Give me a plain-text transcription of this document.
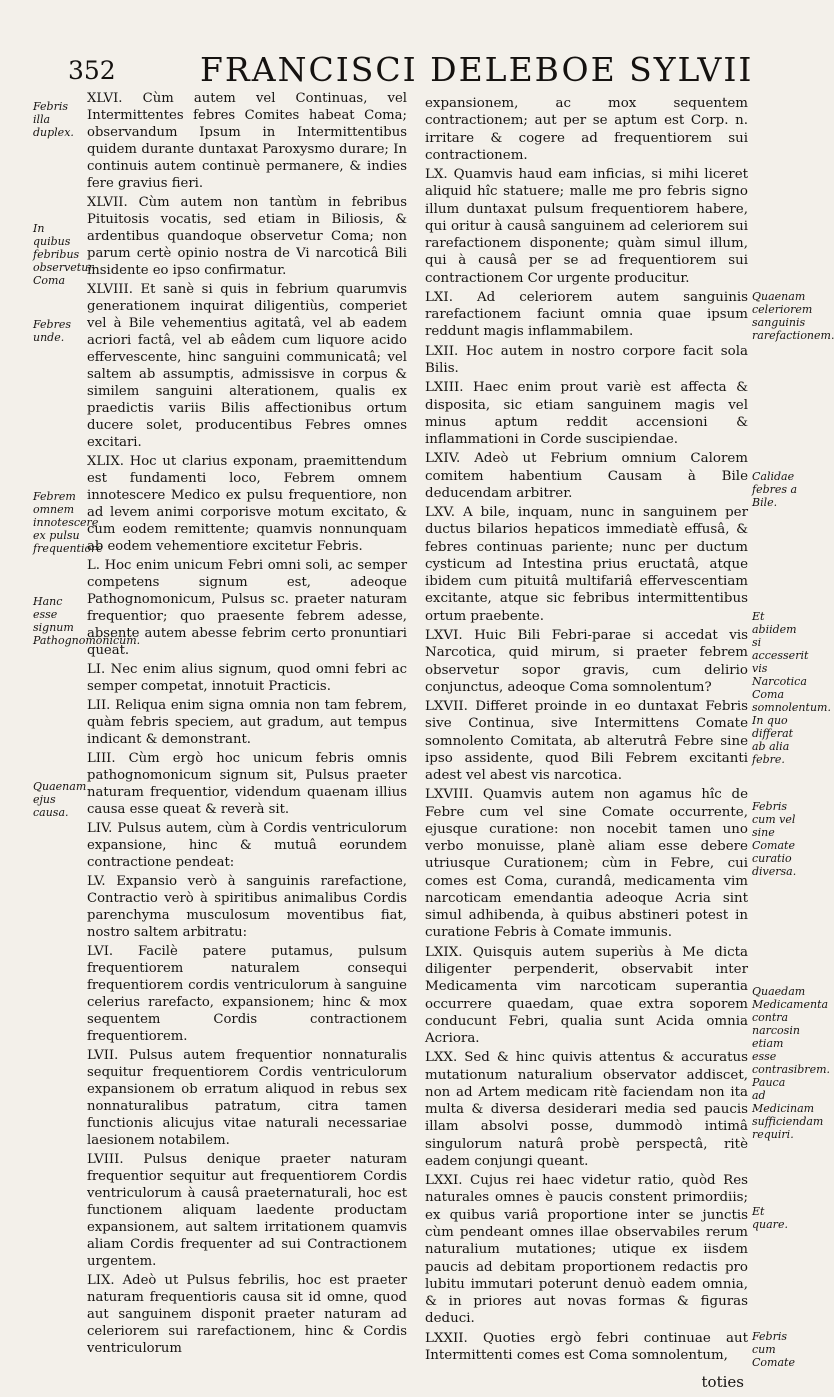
352	FRANCISCI DELEBOE SYLVII
Febris illa duplex.
In quibus febribus observetur Coma
Febres unde.
Febrem omnem innotescere ex pulsu frequentiore
Hanc esse signum Pathognomonicum.
Quaenam ejus causa.
Quaenam celeriorem sanguinis rarefactionem.
Calidae febres a Bile.
Et abiidem si accesserit vis Narcotica Coma somnolentum. In quo differat ab alia febre.
Febris cum vel sine Comate curatio diversa.
Quaedam Medicamenta contra narcosin etiam esse contrasibrem. Pauca ad Medicinam sufficiendam requiri.
Et quare.
Febris cum Comate

XLVI. Cùm autem vel Continuas, vel Intermittentes febres Comites habeat Coma; observandum Ipsum in Intermittentibus quidem durante duntaxat Paroxysmo durare; In continuis autem continuè permanere, & indies fere gravius fieri.

XLVII. Cùm autem non tantùm in febribus Pituitosis vocatis, sed etiam in Biliosis, & ardentibus quandoque observetur Coma; non parum certè opinio nostra de Vi narcoticâ Bili insidente eo ipso confirmatur.

XLVIII. Et sanè si quis in febrium quarumvis generationem inquirat diligentiùs, comperiet vel à Bile vehementius agitatâ, vel ab eadem acriori factâ, vel ab eâdem cum liquore acido effervescente, hinc sanguini communicatâ; vel saltem ab assumptis, admissisve in corpus & similem sanguini alterationem, qualis ex praedictis variis Bilis affectionibus ortum ducere solet, producentibus Febres omnes excitari.

XLIX. Hoc ut clarius exponam, praemittendum est fundamenti loco, Febrem omnem innotescere Medico ex pulsu frequentiore, non ad levem animi corporisve motum excitato, & cum eodem remittente; quamvis nonnunquam ab eodem vehementiore excitetur Febris.

L. Hoc enim unicum Febri omni soli, ac semper competens signum est, adeoque Pathognomonicum, Pulsus sc. praeter naturam frequentior; quo praesente febrem adesse, absente autem abesse febrim certo pronuntiari queat.

LI. Nec enim alius signum, quod omni febri ac semper competat, innotuit Practicis.

LII. Reliqua enim signa omnia non tam febrem, quàm febris speciem, aut gradum, aut tempus indicant & demonstrant.

LIII. Cùm ergò hoc unicum febris omnis pathognomonicum signum sit, Pulsus praeter naturam frequentior, videndum quaenam illius causa esse queat & reverà sit.

LIV. Pulsus autem, cùm à Cordis ventriculorum expansione, hinc & mutuâ eorundem contractione pendeat:

LV. Expansio verò à sanguinis rarefactione, Contractio verò à spiritibus animalibus Cordis parenchyma musculosum moventibus fiat, nostro saltem arbitratu:

LVI. Facilè patere putamus, pulsum frequentiorem naturalem consequi frequentiorem cordis ventriculorum à sanguine celerius rarefacto, expansionem; hinc & mox sequentem Cordis contractionem frequentiorem.

LVII. Pulsus autem frequentior nonnaturalis sequitur frequentiorem Cordis ventriculorum expansionem ob erratum aliquod in rebus sex nonnaturalibus patratum, citra tamen functionis alicujus vitae naturali necessariae laesionem notabilem.

LVIII. Pulsus denique praeter naturam frequentior sequitur aut frequentiorem Cordis ventriculorum à causâ praeternaturali, hoc est functionem aliquam laedente productam expansionem, aut saltem irritationem quamvis aliam Cordis frequenter ad sui Contractionem urgentem.

LIX. Adeò ut Pulsus febrilis, hoc est praeter naturam frequentioris causa sit id omne, quod aut sanguinem disponit praeter naturam ad celeriorem sui rarefactionem, hinc & Cordis ventriculorum

expansionem, ac mox sequentem contractionem; aut per se aptum est Corp. n. irritare & cogere ad frequentiorem sui contractionem.

LX. Quamvis haud eam inficias, si mihi liceret aliquid hîc statuere; malle me pro febris signo illum duntaxat pulsum frequentiorem habere, qui oritur à causâ sanguinem ad celeriorem sui rarefactionem disponente; quàm simul illum, qui à causâ per se ad frequentiorem sui contractionem Cor urgente producitur.

LXI. Ad celeriorem autem sanguinis rarefactionem faciunt omnia quae ipsum reddunt magis inflammabilem.

LXII. Hoc autem in nostro corpore facit sola Bilis.

LXIII. Haec enim prout variè est affecta & disposita, sic etiam sanguinem magis vel minus aptum reddit accensioni & inflammationi in Corde suscipiendae.

LXIV. Adeò ut Febrium omnium Calorem comitem habentium Causam à Bile deducendam arbitrer.

LXV. A bile, inquam, nunc in sanguinem per ductus bilarios hepaticos immediatè effusâ, & febres continuas pariente; nunc per ductum cysticum ad Intestina prius eructatâ, atque ibidem cum pituitâ multifariâ effervescentiam excitante, atque sic febribus intermittentibus ortum praebente.

LXVI. Huic Bili Febri-parae si accedat vis Narcotica, quid mirum, si praeter febrem observetur sopor gravis, cum delirio conjunctus, adeoque Coma somnolentum?

LXVII. Differet proinde in eo duntaxat Febris sive Continua, sive Intermittens Comate somnolento Comitata, ab alterutrâ Febre sine ipso assidente, quod Bili Febrem excitanti adest vel abest vis narcotica.

LXVIII. Quamvis autem non agamus hîc de Febre cum vel sine Comate occurrente, ejusque curatione: non nocebit tamen uno verbo monuisse, planè aliam esse debere utriusque Curationem; cùm in Febre, cui comes est Coma, curandâ, medicamenta vim narcoticam emendantia adeoque Acria sint simul adhibenda, à quibus abstineri potest in curatione Febris à Comate immunis.

LXIX. Quisquis autem superiùs à Me dicta diligenter perpenderit, observabit inter Medicamenta vim narcoticam superantia occurrere quaedam, quae extra soporem conducunt Febri, qualia sunt Acida omnia Acriora.

LXX. Sed & hinc quivis attentus & accuratus mutationum naturalium observator addiscet, non ad Artem medicam ritè faciendam non ita multa & diversa desiderari media sed paucis illam absolvi posse, dummodò intimâ singulorum naturâ probè perspectâ, ritè eadem conjungi queant.

LXXI. Cujus rei haec videtur ratio, quòd Res naturales omnes è paucis constent primordiis; ex quibus variâ proportione inter se junctis cùm pendeant omnes illae observabiles rerum naturalium mutationes; utique ex iisdem paucis ad debitam proportionem redactis pro lubitu immutari poterunt denuò eadem omnia, & in priores aut novas formas & figuras deduci.

LXXII. Quoties ergò febri continuae aut Intermittenti comes est Coma somnolentum,

toties
